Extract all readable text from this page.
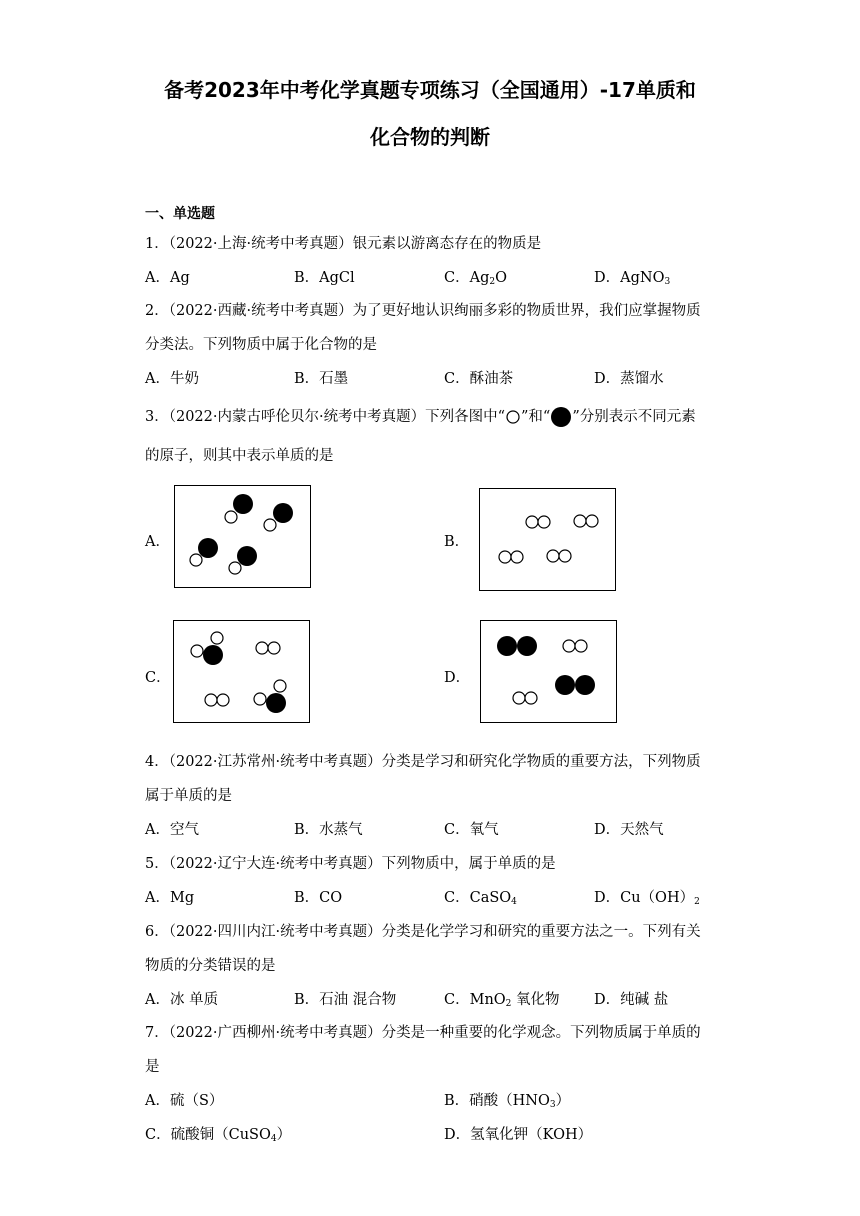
备考2023年中考化学真题专项练习（全国通用）-17单质和
化合物的判断
一、单选题
1．（2022·上海·统考中考真题）银元素以游离态存在的物质是
A．Ag	B．AgCl	C．$Ag_2O$	D．AgNO$_3$
2．（2022·西藏·统考中考真题）为了更好地认识绚丽多彩的物质世界，我们应掌握物质
分类法。下列物质中属于化合物的是
A．牛奶	B．石墨	C．酥油茶	D．蒸馏水
3．（2022·内蒙古呼伦贝尔·统考中考真题）下列各图中“ ”和“ ”分别表示不同元素
的原子，则其中表示单质的是
A．	B．
C．	D．
4．（2022·江苏常州·统考中考真题）分类是学习和研究化学物质的重要方法，下列物质
属于单质的是
A．空气	B．水蒸气	C．氧气	D．天然气
5．（2022·辽宁大连·统考中考真题）下列物质中，属于单质的是
A．Mg	B．CO	C．CaSO$_4$	D．$Cu(OH)_2$
6．（2022·四川内江·统考中考真题）分类是化学学习和研究的重要方法之一。下列有关
物质的分类错误的是
A．冰 单质	B．石油 混合物	C．MnO$_2$ 氧化物 D．纯碱 盐
7．（2022·广西柳州·统考中考真题）分类是一种重要的化学观念。下列物质属于单质的
是
A．硫（S）	B．硝酸$(HNO_3)$
C．硫酸铜（CuSO$_4$）	D．氢氧化钾（KOH）
